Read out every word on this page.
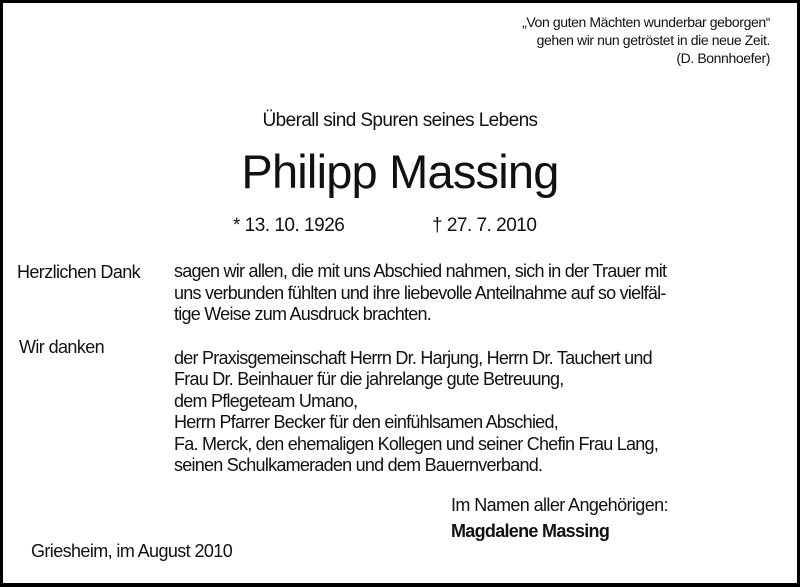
„Von guten Mächten wunderbar geborgen“
gehen wir nun getröstet in die neue Zeit.
(D. Bonnhoefer)
Überall sind Spuren seines Lebens
Philipp Massing
* 13. 10. 1926	† 27. 7. 2010
Herzlichen Dank sagen wir allen, die mit uns Abschied nahmen, sich in der Trauer mit
uns verbunden fühlten und ihre liebevolle Anteilnahme auf so vielfäl-
tige Weise zum Ausdruck brachten.
Wir danken
der Praxisgemeinschaft Herrn Dr. Harjung, Herrn Dr. Tauchert und
Frau Dr. Beinhauer für die jahrelange gute Betreuung,
dem Pflegeteam Umano,
Herrn Pfarrer Becker für den einfühlsamen Abschied,
Fa. Merck, den ehemaligen Kollegen und seiner Chefin Frau Lang,
seinen Schulkameraden und dem Bauernverband.
Im Namen aller Angehörigen:
Magdalene Massing
Griesheim, im August 2010
